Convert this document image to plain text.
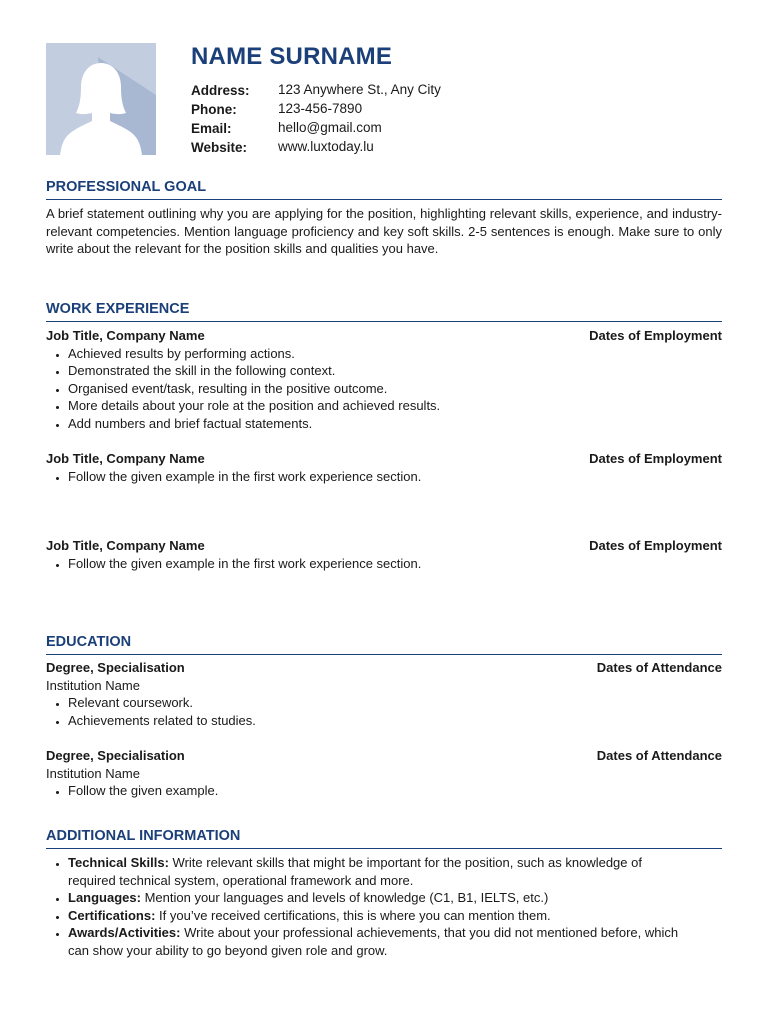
NAME SURNAME
Address:	123 Anywhere St., Any City
Phone:	123-456-7890
Email:	hello@gmail.com
Website:	www.luxtoday.lu
PROFESSIONAL GOAL

A brief statement outlining why you are applying for the position, highlighting relevant skills, experience, and industry-relevant competencies. Mention language proficiency and key soft skills. 2-5 sentences is enough. Make sure to only write about the relevant for the position skills and qualities you have.

WORK EXPERIENCE
Job Title, Company Name	Dates of Employment
• Achieved results by performing actions.
• Demonstrated the skill in the following context.
• Organised event/task, resulting in the positive outcome.
• More details about your role at the position and achieved results.
• Add numbers and brief factual statements.
Job Title, Company Name	Dates of Employment
• Follow the given example in the first work experience section.
Job Title, Company Name	Dates of Employment
• Follow the given example in the first work experience section.
EDUCATION
Degree, Specialisation	Dates of Attendance
Institution Name
• Relevant coursework.
• Achievements related to studies.
Degree, Specialisation	Dates of Attendance
Institution Name
• Follow the given example.
ADDITIONAL INFORMATION
• Technical Skills: Write relevant skills that might be important for the position, such as knowledge of required technical system, operational framework and more.
• Languages: Mention your languages and levels of knowledge (C1, B1, IELTS, etc.)
• Certifications: If you’ve received certifications, this is where you can mention them.
• Awards/Activities: Write about your professional achievements, that you did not mentioned before, which can show your ability to go beyond given role and grow.
